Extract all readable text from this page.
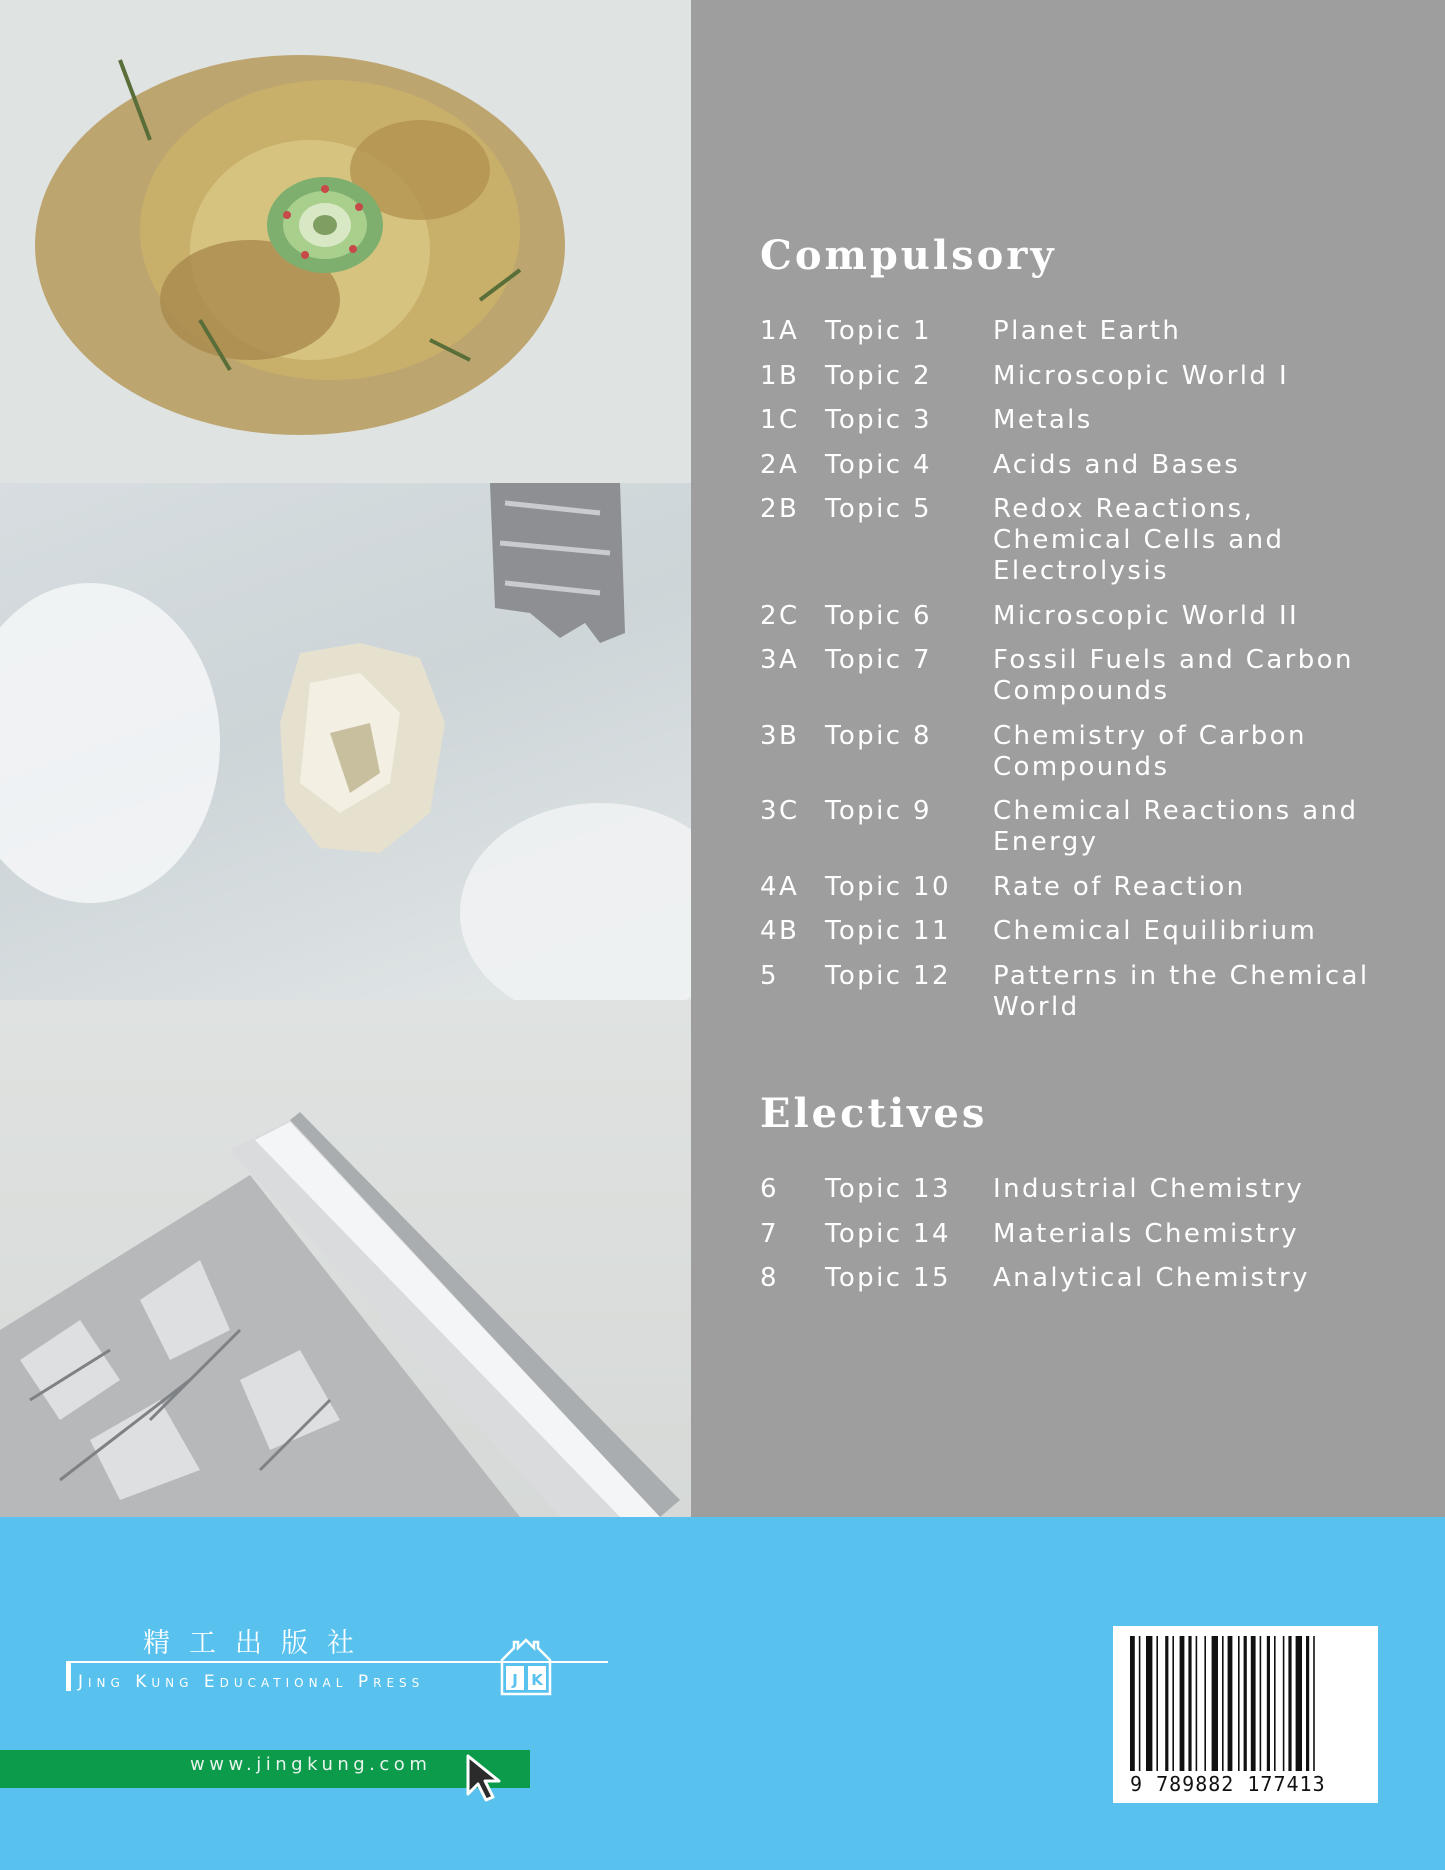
Compulsory
1A Topic 1	Planet Earth
1B Topic 2	Microscopic World I
1C Topic 3	Metals
2A Topic 4	Acids and Bases
2B Topic 5	Redox Reactions,
Chemical Cells and
Electrolysis
2C Topic 6	Microscopic World II
3A Topic 7	Fossil Fuels and Carbon
Compounds
3B Topic 8	Chemistry of Carbon
Compounds
3C Topic 9	Chemical Reactions and
Energy
4A Topic 10	Rate of Reaction
4B Topic 11	Chemical Equilibrium
5	Topic 12	Patterns in the Chemical
World
Electives
6	Topic 13	Industrial Chemistry
7	Topic 14	Materials Chemistry
8	Topic 15	Analytical Chemistry

精工出版社

Jing Kung Educational Press	J K

www.jingkung.com

9 789882 177413
